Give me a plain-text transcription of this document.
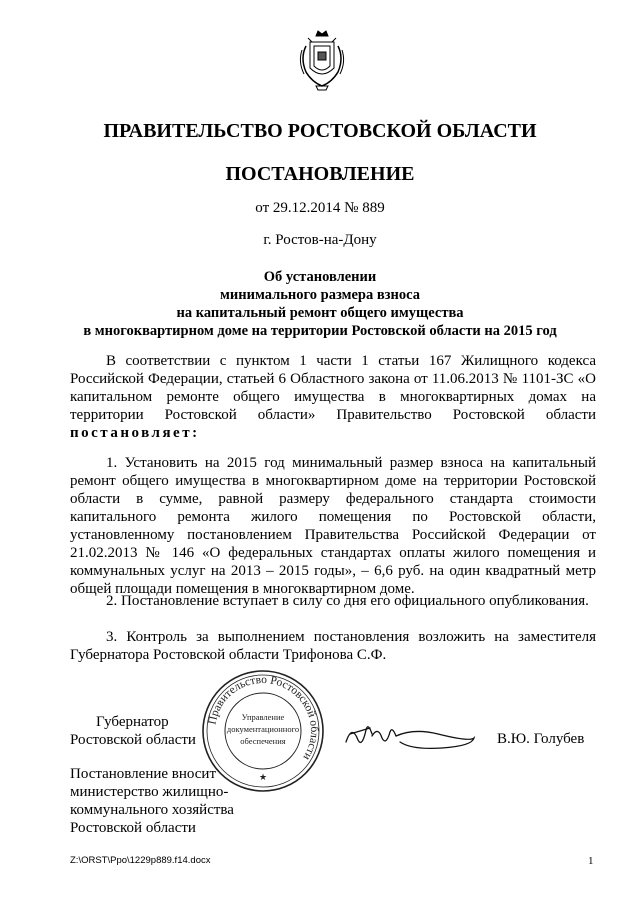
ПРАВИТЕЛЬСТВО РОСТОВСКОЙ ОБЛАСТИ
ПОСТАНОВЛЕНИЕ
от 29.12.2014 № 889
г. Ростов-на-Дону
Об установлении
минимального размера взноса
на капитальный ремонт общего имущества
в многоквартирном доме на территории Ростовской области на 2015 год
В соответствии с пунктом 1 части 1 статьи 167 Жилищного кодекса Российской Федерации, статьей 6 Областного закона от 11.06.2013 № 1101-ЗС «О капитальном ремонте общего имущества в многоквартирных домах на территории Ростовской области» Правительство Ростовской области постановляет:
1. Установить на 2015 год минимальный размер взноса на капитальный ремонт общего имущества в многоквартирном доме на территории Ростовской области в сумме, равной размеру федерального стандарта стоимости капитального ремонта жилого помещения по Ростовской области, установленному постановлением Правительства Российской Федерации от 21.02.2013 № 146 «О федеральных стандартах оплаты жилого помещения и коммунальных услуг на 2013 – 2015 годы», – 6,6 руб. на один квадратный метр общей площади помещения в многоквартирном доме.
2. Постановление вступает в силу со дня его официального опубликования.
3. Контроль за выполнением постановления возложить на заместителя Губернатора Ростовской области Трифонова С.Ф.
Губернатор
Ростовской области
Правительство Ростовской области
Управление
документационного
обеспечения
★
В.Ю. Голубев
Постановление вносит
министерство жилищно-
коммунального хозяйства
Ростовской области
Z:\ORST\Ppo\1229p889.f14.docx	1
